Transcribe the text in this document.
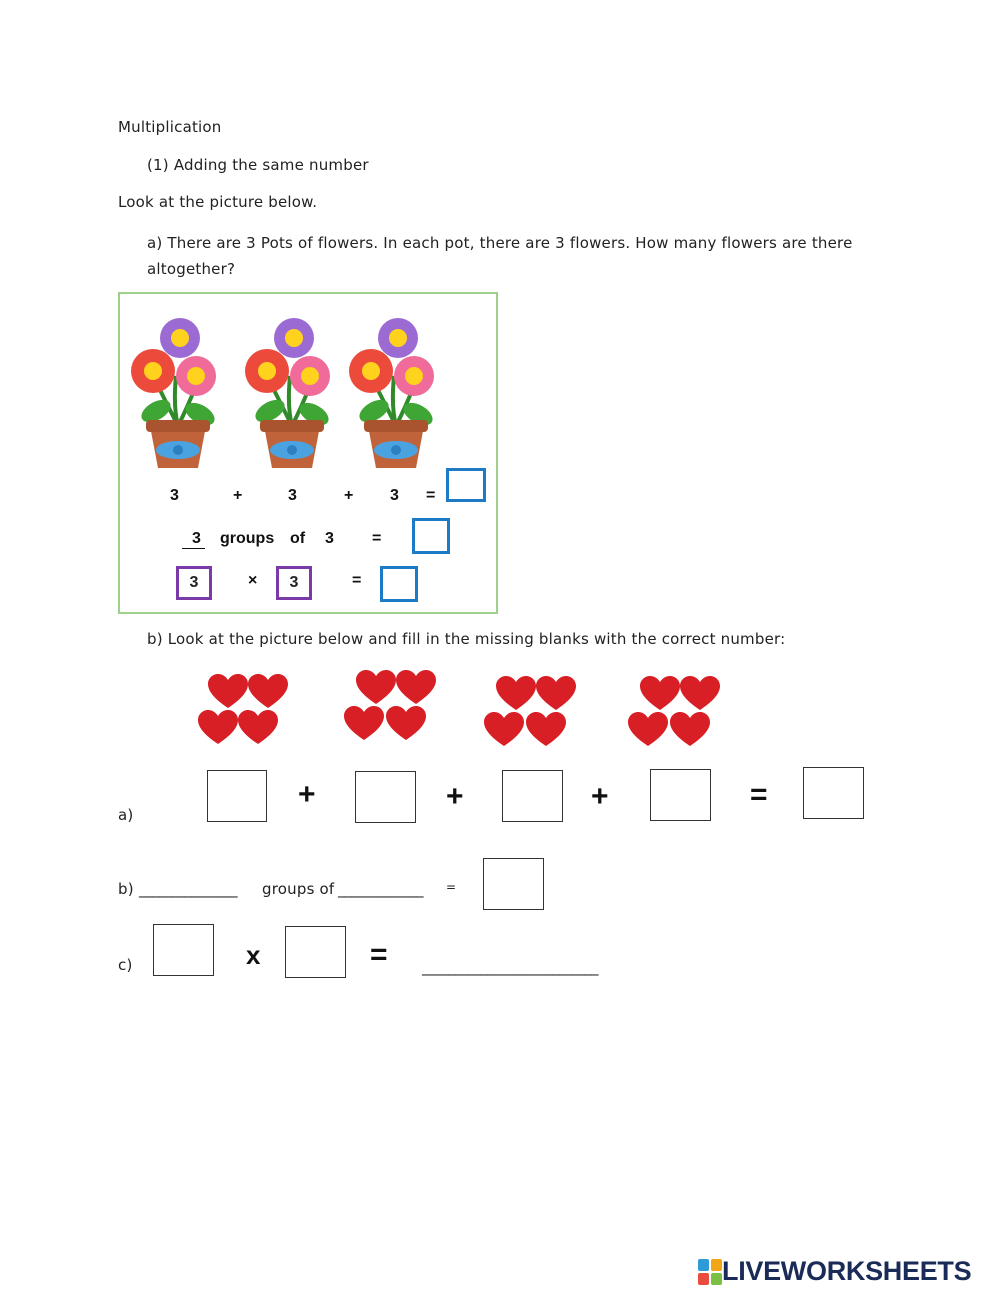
Multiplication
(1) Adding the same number
Look at the picture below.
a) There are 3 Pots of flowers. In each pot, there are 3 flowers. How many flowers are there altogether?
3	+	3	+ 3 =
3 groups of 3 =
3	×	3	=
b) Look at the picture below and fill in the missing blanks with the correct number:
a)
+	+	+	=
b) _______________ groups of _____________ =
c)	x	= ___________________________
LIVEWORKSHEETS
